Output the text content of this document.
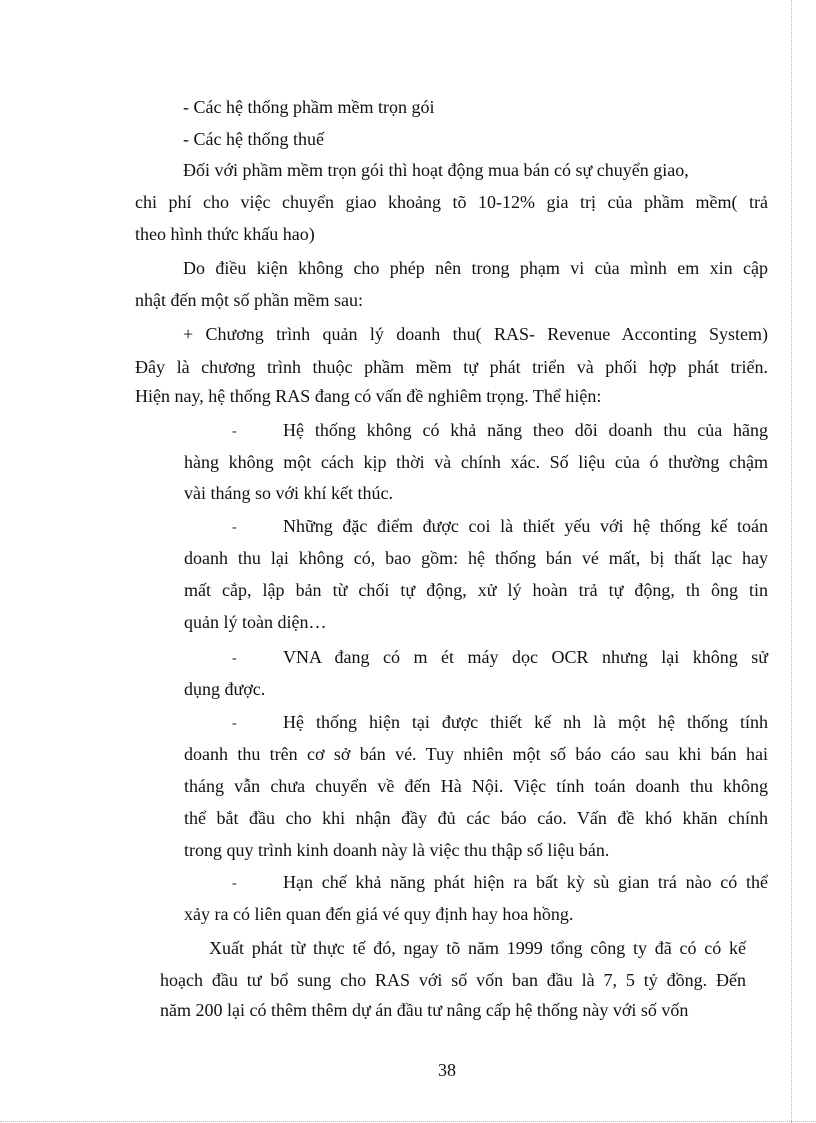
- Các hệ thống phầm mềm trọn gói
- Các hệ thống thuế
Đối với phầm mềm trọn gói thì hoạt động mua bán có sự chuyển giao,
chi phí cho việc chuyển giao khoảng tõ 10-12% gia trị của phầm mềm( trả
theo hình thức khấu hao)
Do điều kiện không cho phép nên trong phạm vi của mình em xin cập
nhật đến một số phần mềm sau:
+ Chương trình quản lý doanh thu( RAS- Revenue Acconting System)
Đây là chương trình thuộc phầm mềm tự phát triển và phối hợp phát triển.
Hiện nay, hệ thống RAS đang có vấn đề nghiêm trọng. Thể hiện:
-	Hệ thống không có khả năng theo dõi doanh thu của hãng
hàng không một cách kịp thời và chính xác. Số liệu của ó thường chậm
vài tháng so với khí kết thúc.
-	Những đặc điểm được coi là thiết yếu với hệ thống kế toán
doanh thu lại không có, bao gồm: hệ thống bán vé mất, bị thất lạc hay
mất cắp, lập bản từ chối tự động, xử lý hoàn trả tự động, th ông tin
quản lý toàn diện…
-	VNA đang có m ét máy dọc OCR nhưng lại không sử
dụng được.
-	Hệ thống hiện tại được thiết kế nh là một hệ thống tính
doanh thu trên cơ sở bán vé. Tuy nhiên một số báo cáo sau khi bán hai
tháng vẫn chưa chuyển về đến Hà Nội. Việc tính toán doanh thu không
thể bắt đầu cho khi nhận đầy đủ các báo cáo. Vấn đề khó khăn chính
trong quy trình kinh doanh này là việc thu thập số liệu bán.
-	Hạn chế khả năng phát hiện ra bất kỳ sù gian trá nào có thể
xảy ra có liên quan đến giá vé quy định hay hoa hồng.
Xuất phát từ thực tế đó, ngay tõ năm 1999 tổng công ty đã có có kế
hoạch đầu tư bổ sung cho RAS với số vốn ban đầu là 7, 5 tỷ đồng. Đến
năm 200 lại có thêm thêm dự án đầu tư nâng cấp hệ thống này với số vốn
38
